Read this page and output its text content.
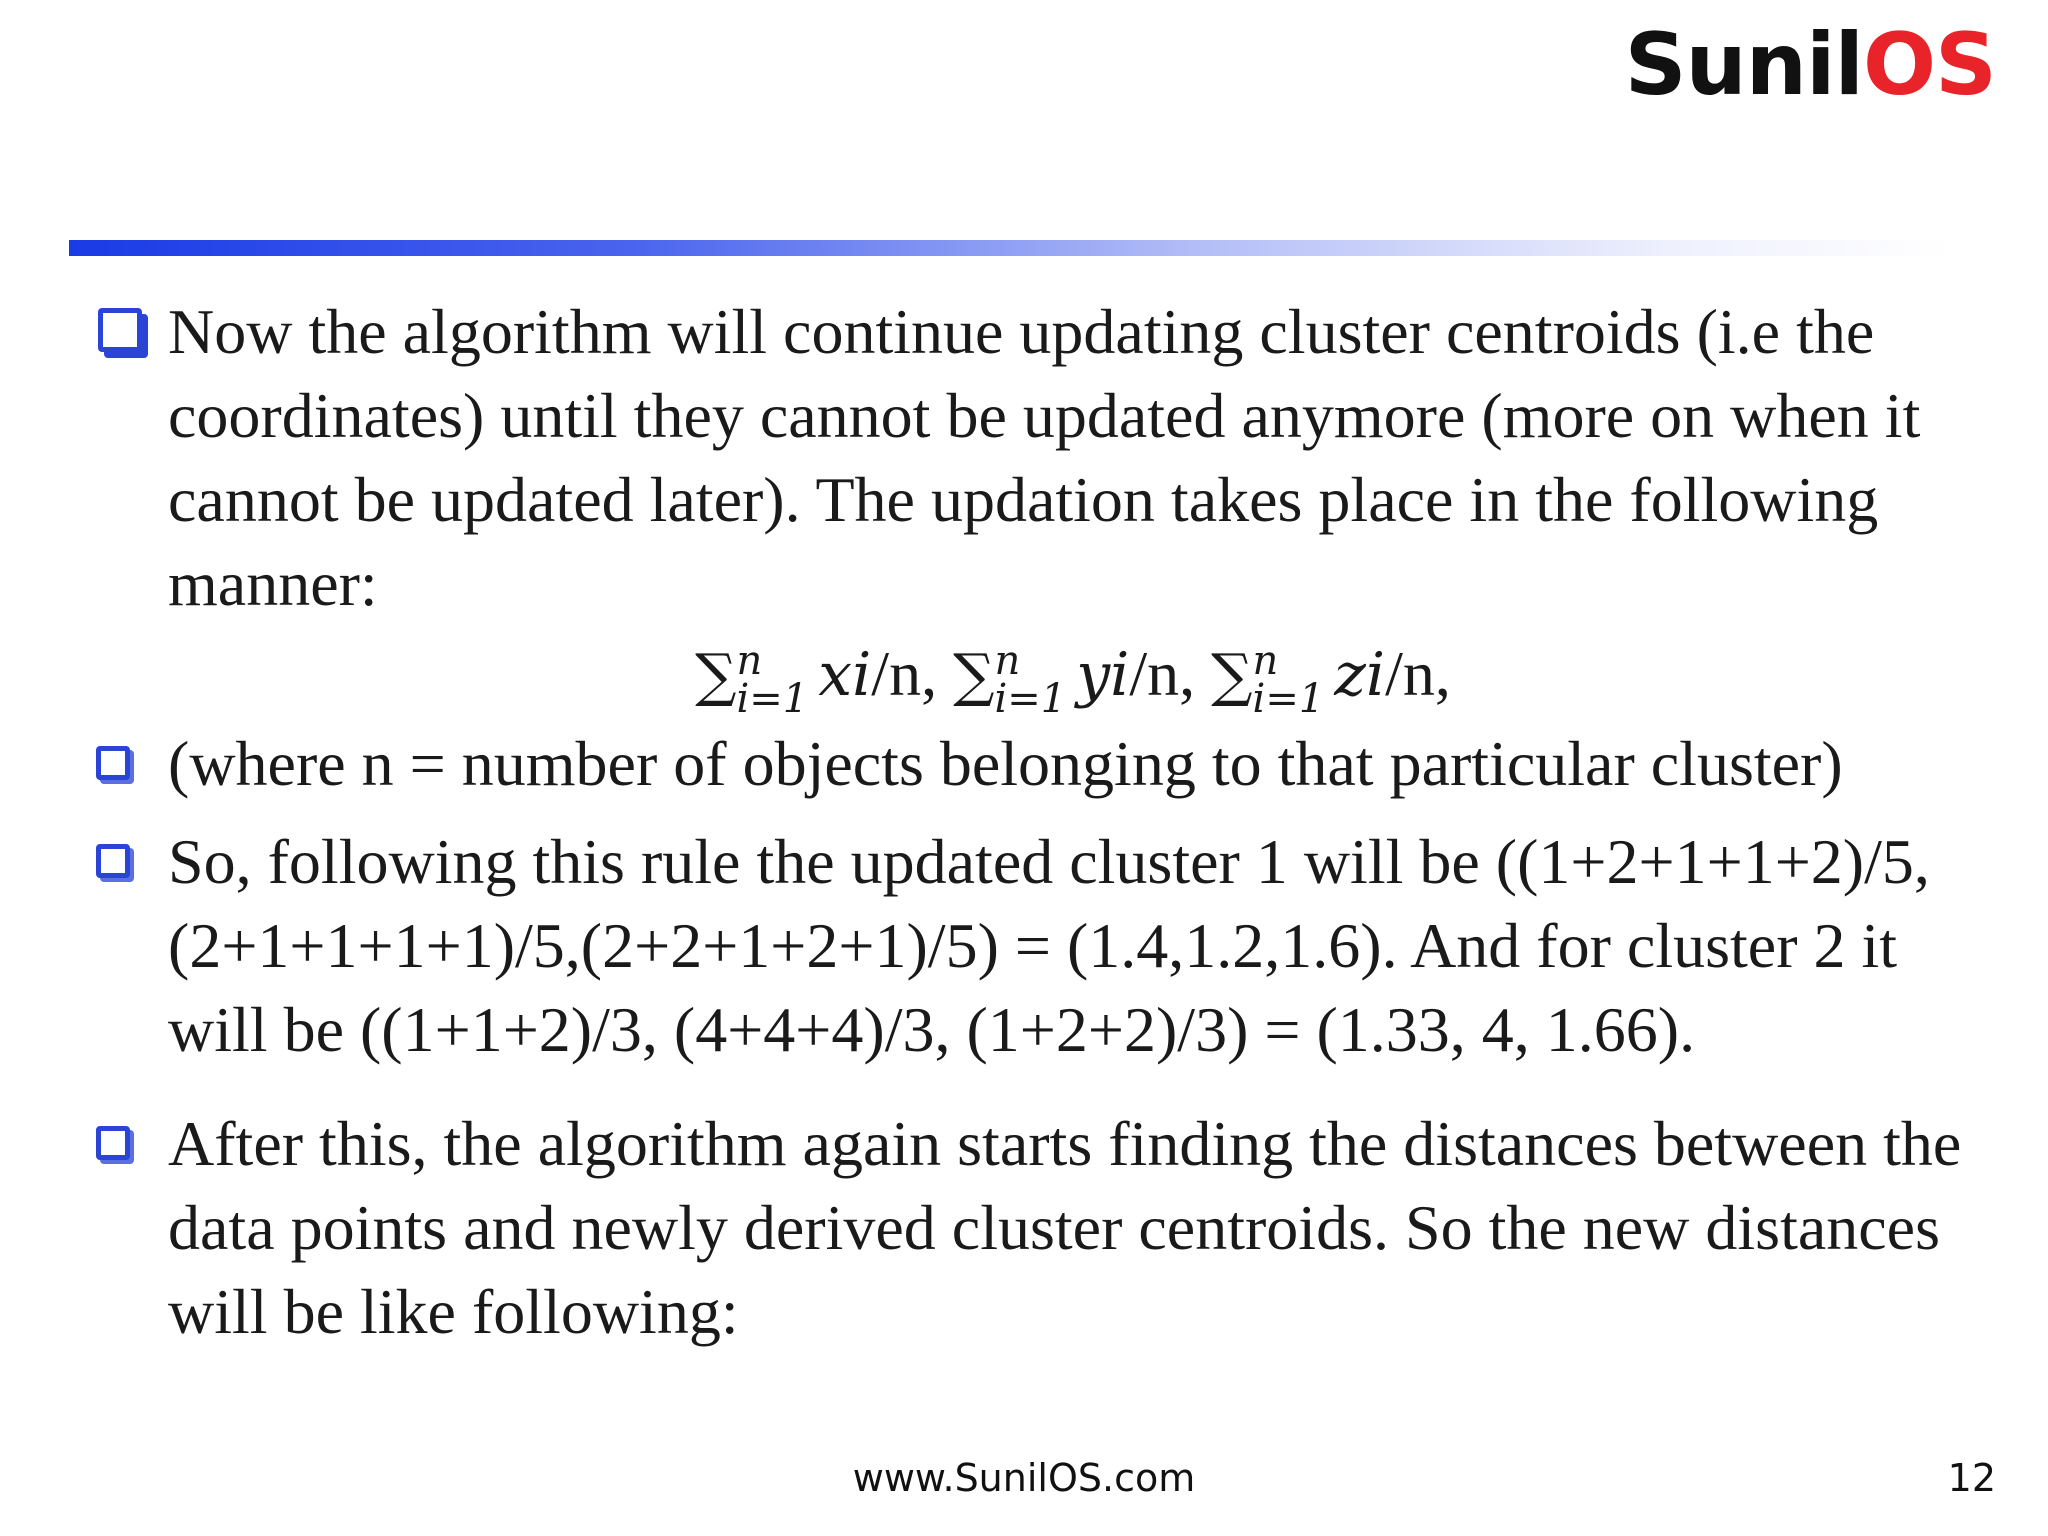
SunilOS
Now the algorithm will continue updating cluster centroids (i.e the coordinates) until they cannot be updated anymore (more on when it cannot be updated later). The updation takes place in the following manner:
∑ n
i=1 xi/n, ∑ n
i=1 yi/n, ∑ n
i=1 zi/n,
(where n = number of objects belonging to that particular cluster)
So, following this rule the updated cluster 1 will be ((1+2+1+1+2)/5, (2+1+1+1+1)/5,(2+2+1+2+1)/5) = (1.4,1.2,1.6). And for cluster 2 it will be ((1+1+2)/3, (4+4+4)/3, (1+2+2)/3) = (1.33, 4, 1.66).
After this, the algorithm again starts finding the distances between the data points and newly derived cluster centroids. So the new distances will be like following:
www.SunilOS.com	12
